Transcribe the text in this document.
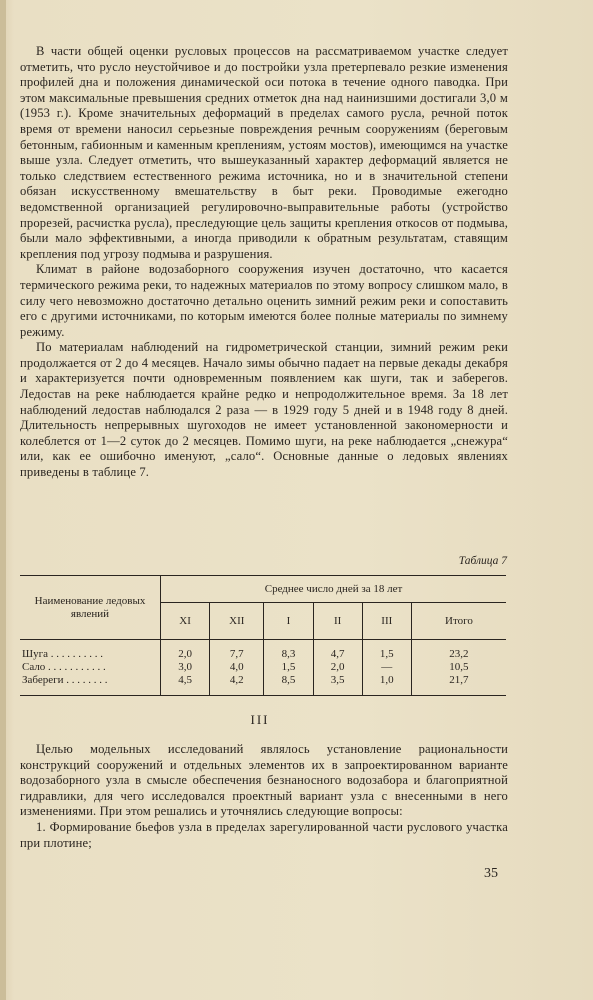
В части общей оценки русловых процессов на рассматриваемом участке следует отметить, что русло неустойчивое и до постройки узла претерпевало резкие изменения профилей дна и положения динамической оси потока в течение одного паводка. При этом максимальные превышения средних отметок дна над наинизшими достигали 3,0 м (1953 г.). Кроме значительных деформаций в пределах самого русла, речной поток время от времени наносил серьезные повреждения речным сооружениям (береговым бетонным, габионным и каменным креплениям, устоям мостов), имеющимся на участке выше узла. Следует отметить, что вышеуказанный характер деформаций является не только следствием естественного режима источника, но и в значительной степени обязан искусственному вмешательству в быт реки. Проводимые ежегодно ведомственной организацией регулировочно-выправительные работы (устройство прорезей, расчистка русла), преследующие цель защиты крепления откосов от подмыва, были мало эффективными, а иногда приводили к обратным результатам, ставящим крепления под угрозу подмыва и разрушения.

Климат в районе водозаборного сооружения изучен достаточно, что касается термического режима реки, то надежных материалов по этому вопросу слишком мало, в силу чего невозможно достаточно детально оценить зимний режим реки и сопоставить его с другими источниками, по которым имеются более полные материалы по зимнему режиму.

По материалам наблюдений на гидрометрической станции, зимний режим реки продолжается от 2 до 4 месяцев. Начало зимы обычно падает на первые декады декабря и характеризуется почти одновременным появлением как шуги, так и заберегов. Ледостав на реке наблюдается крайне редко и непродолжительное время. За 18 лет наблюдений ледостав наблюдался 2 раза — в 1929 году 5 дней и в 1948 году 8 дней. Длительность непрерывных шугоходов не имеет установленной закономерности и колеблется от 1—2 суток до 2 месяцев. Помимо шуги, на реке наблюдается „снежура“ или, как ее ошибочно именуют, „сало“. Основные данные о ледовых явлениях приведены в таблице 7.

Таблица 7
Наименование ледовых явлений	Среднее число дней за 18 лет					
	XI	XII	I	II	III	Итого
Шуга . . . . . . . . . .	2,0	7,7	8,3	4,7	1,5	23,2
Сало . . . . . . . . . . .	3,0	4,0	1,5	2,0	—	10,5
Забереги . . . . . . . .	4,5	4,2	8,5	3,5	1,0	21,7
III

Целью модельных исследований являлось установление рациональности конструкций сооружений и отдельных элементов их в запроектированном варианте водозаборного узла в смысле обеспечения безнаносного водозабора и благоприятной гидравлики, для чего исследовался проектный вариант узла с внесенными в него изменениями. При этом решались и уточнялись следующие вопросы:

1. Формирование бьефов узла в пределах зарегулированной части руслового участка при плотине;

35
